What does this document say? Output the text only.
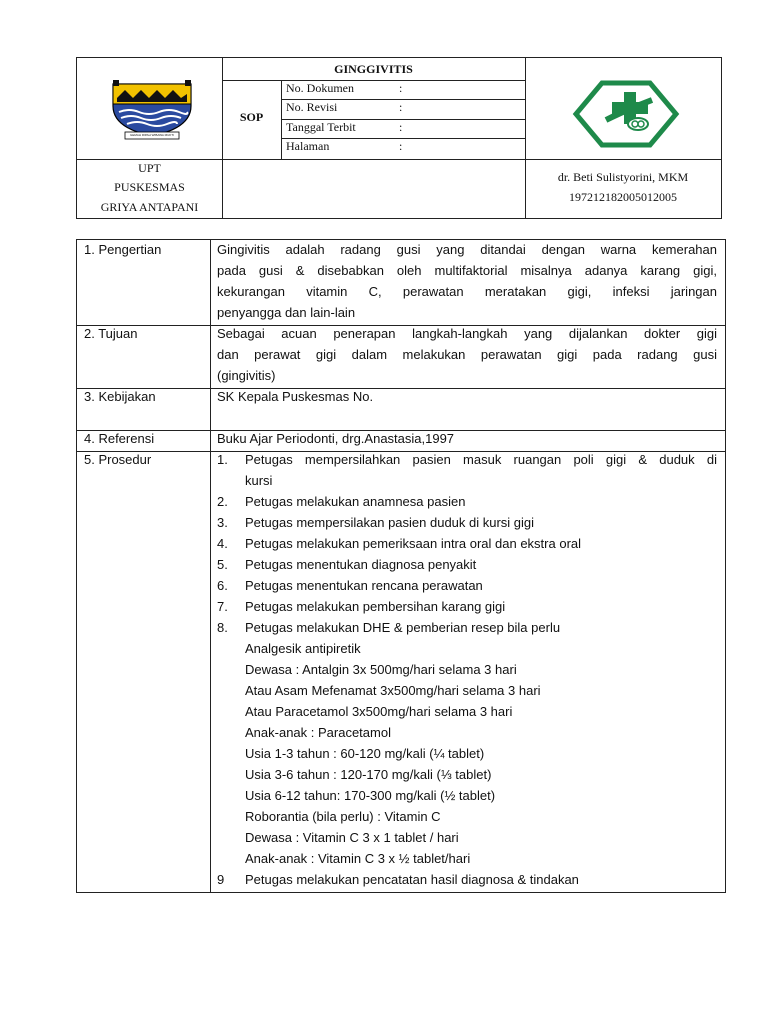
GEMAH RIPAH WIBAWA MUKTI
GINGGIVITIS
SOP
No. Dokumen	:
No. Revisi	:
Tanggal Terbit	:
Halaman	:
UPT
PUSKESMAS
GRIYA ANTAPANI
dr. Beti Sulistyorini, MKM
197212182005012005
1. Pengertian	Gingivitis adalah radang gusi yang ditandai dengan warna kemerahan
pada gusi & disebabkan oleh multifaktorial misalnya adanya karang gigi,
kekurangan vitamin C, perawatan meratakan gigi, infeksi jaringan
penyangga dan lain-lain
2. Tujuan	Sebagai acuan penerapan langkah-langkah yang dijalankan dokter gigi
dan perawat gigi dalam melakukan perawatan gigi pada radang gusi
(gingivitis)
3. Kebijakan	SK Kepala Puskesmas No.
4. Referensi	Buku Ajar Periodonti, drg.Anastasia,1997
5. Prosedur	1. Petugas mempersilahkan pasien masuk ruangan poli gigi & duduk di
kursi
2. Petugas melakukan anamnesa pasien
3. Petugas mempersilakan pasien duduk di kursi gigi
4. Petugas melakukan pemeriksaan intra oral dan ekstra oral
5. Petugas menentukan diagnosa penyakit
6. Petugas menentukan rencana perawatan
7. Petugas melakukan pembersihan karang gigi
8. Petugas melakukan DHE & pemberian resep bila perlu
Analgesik antipiretik
Dewasa : Antalgin 3x 500mg/hari selama 3 hari
Atau Asam Mefenamat 3x500mg/hari selama 3 hari
Atau Paracetamol 3x500mg/hari selama 3 hari
Anak-anak : Paracetamol
Usia 1-3 tahun : 60-120 mg/kali (¼ tablet)
Usia 3-6 tahun : 120-170 mg/kali (⅓ tablet)
Usia 6-12 tahun: 170-300 mg/kali (½ tablet)
Roborantia (bila perlu) : Vitamin C
Dewasa : Vitamin C 3 x 1 tablet / hari
Anak-anak : Vitamin C 3 x ½ tablet/hari
9 Petugas melakukan pencatatan hasil diagnosa & tindakan
